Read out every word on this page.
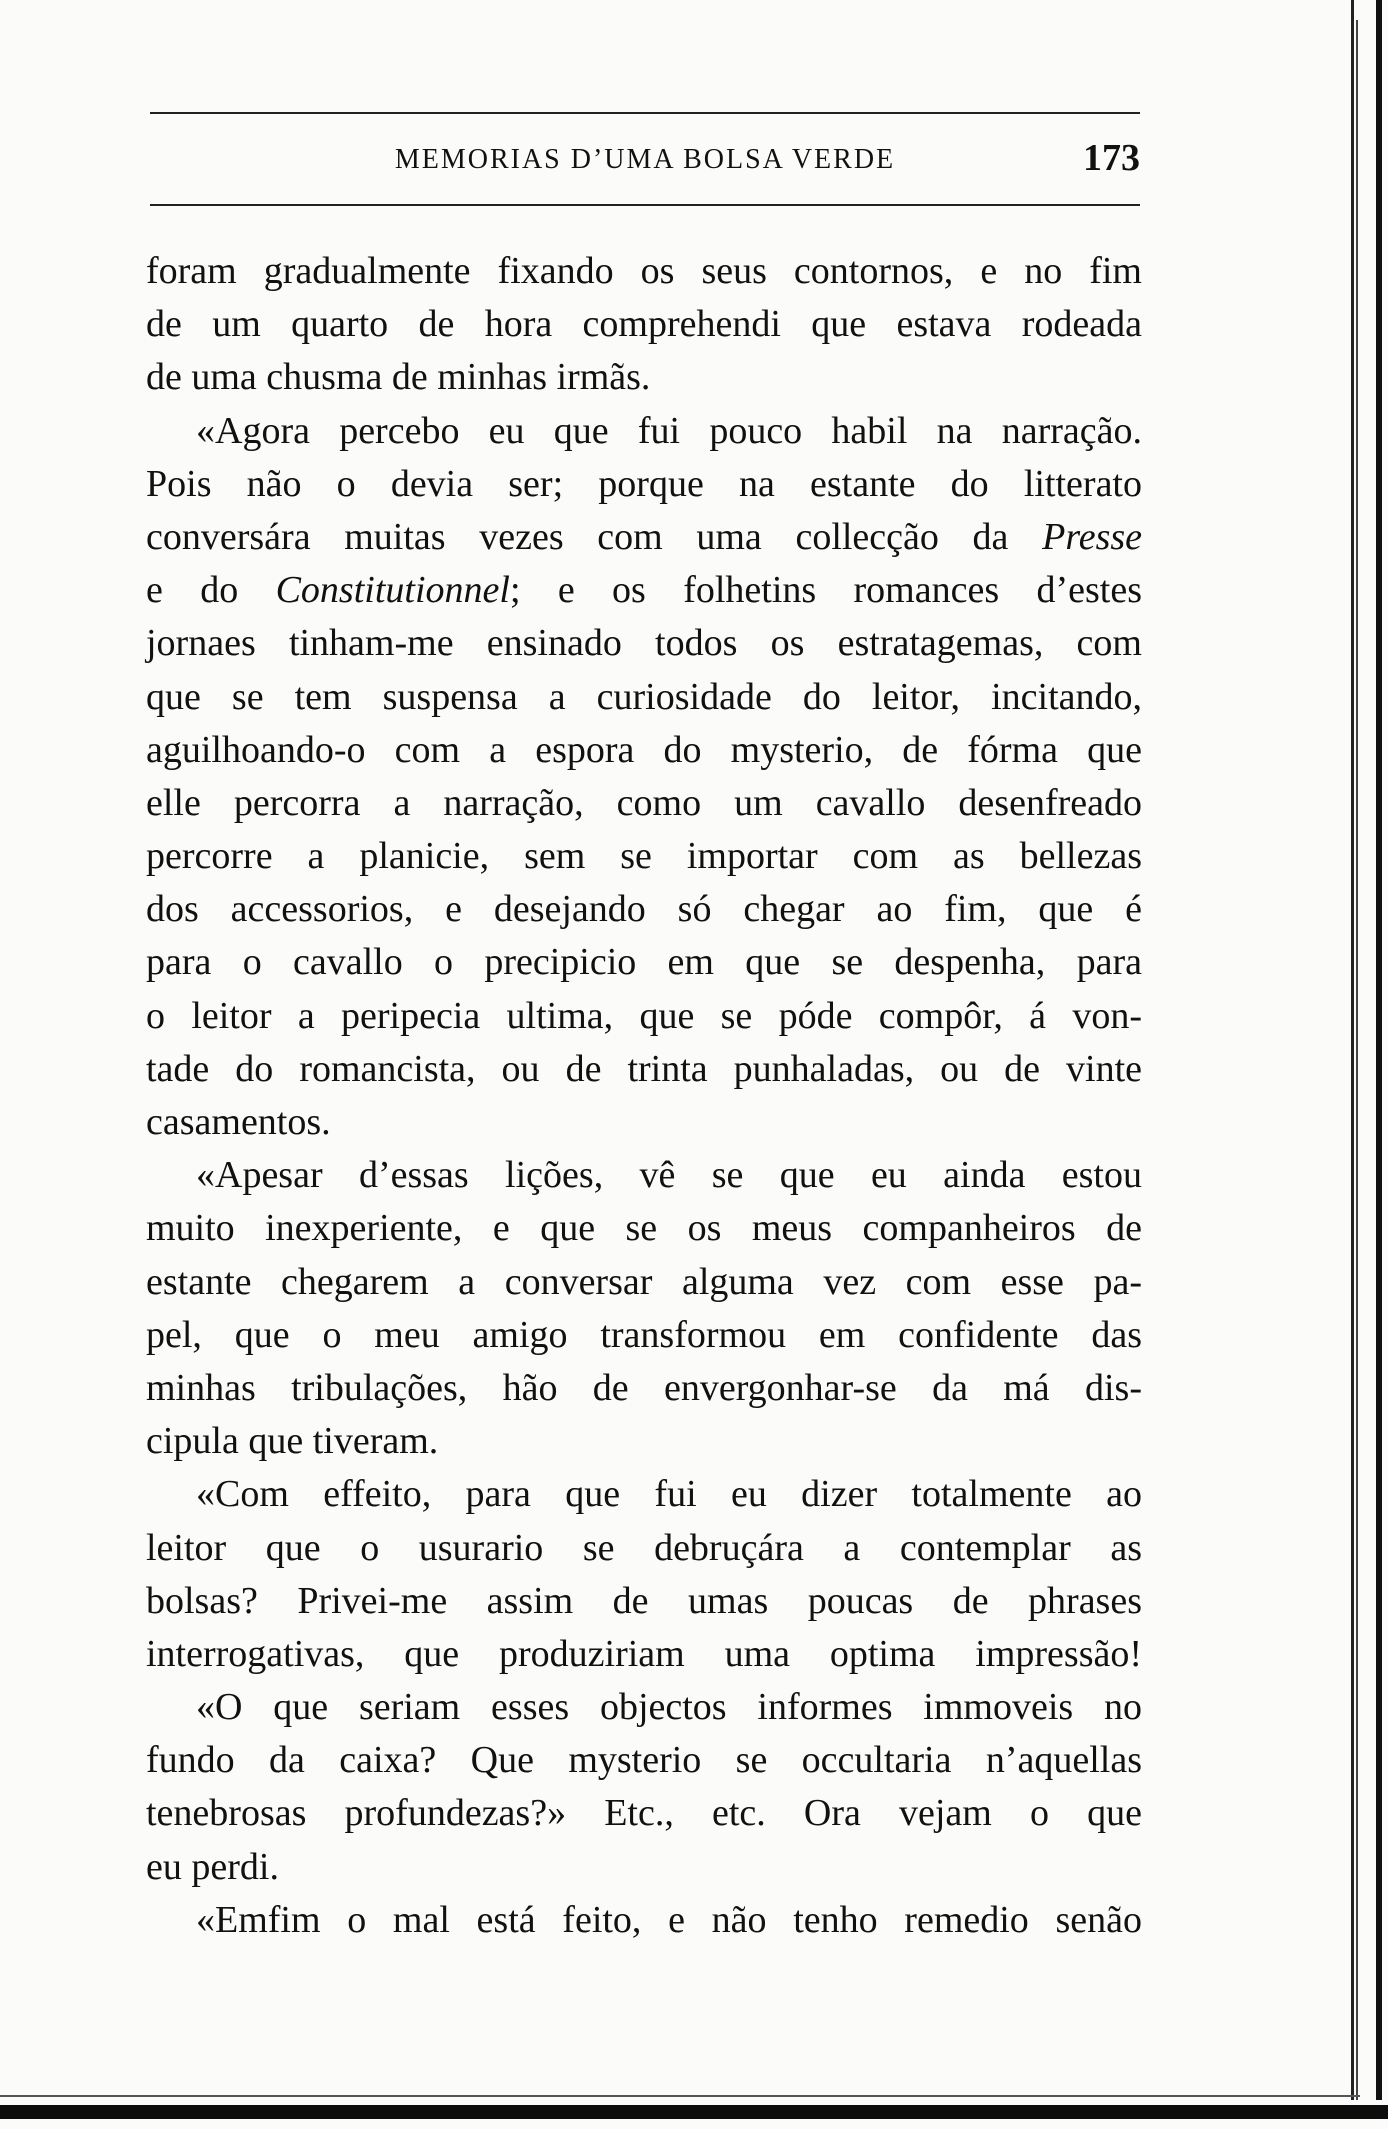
MEMORIAS D’UMA BOLSA VERDE	173
foram gradualmente fixando os seus contornos, e no fim
de um quarto de hora comprehendi que estava rodeada
de uma chusma de minhas irmãs.
«Agora percebo eu que fui pouco habil na narração.
Pois não o devia ser; porque na estante do litterato
conversára muitas vezes com uma collecção da Presse
e do Constitutionnel; e os folhetins romances d’estes
jornaes tinham-me ensinado todos os estratagemas, com
que se tem suspensa a curiosidade do leitor, incitando,
aguilhoando-o com a espora do mysterio, de fórma que
elle percorra a narração, como um cavallo desenfreado
percorre a planicie, sem se importar com as bellezas
dos accessorios, e desejando só chegar ao fim, que é
para o cavallo o precipicio em que se despenha, para
o leitor a peripecia ultima, que se póde compôr, á von-
tade do romancista, ou de trinta punhaladas, ou de vinte
casamentos.
«Apesar d’essas lições, vê se que eu ainda estou
muito inexperiente, e que se os meus companheiros de
estante chegarem a conversar alguma vez com esse pa-
pel, que o meu amigo transformou em confidente das
minhas tribulações, hão de envergonhar-se da má dis-
cipula que tiveram.
«Com effeito, para que fui eu dizer totalmente ao
leitor que o usurario se debruçára a contemplar as
bolsas? Privei-me assim de umas poucas de phrases
interrogativas, que produziriam uma optima impressão!
«O que seriam esses objectos informes immoveis no
fundo da caixa? Que mysterio se occultaria n’aquellas
tenebrosas profundezas?» Etc., etc. Ora vejam o que
eu perdi.
«Emfim o mal está feito, e não tenho remedio senão
